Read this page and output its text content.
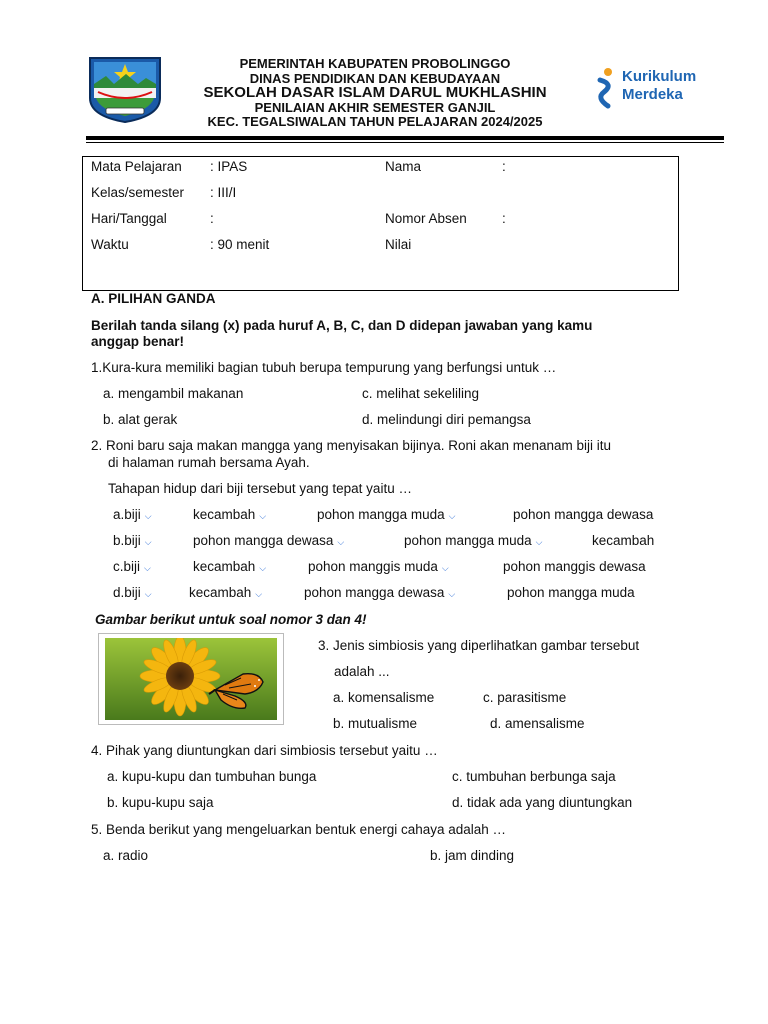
PEMERINTAH KABUPATEN PROBOLINGGO
DINAS PENDIDIKAN DAN KEBUDAYAAN
SEKOLAH DASAR ISLAM DARUL MUKHLASHIN
PENILAIAN AKHIR SEMESTER GANJIL
KEC. TEGALSIWALAN TAHUN PELAJARAN 2024/2025
Kurikulum
Merdeka
Mata Pelajaran : IPAS	Nama	:
Kelas/semester : III/I
Hari/Tanggal	:	Nomor Absen	:
Waktu	: 90 menit	Nilai
A. PILIHAN GANDA
Berilah tanda silang (x) pada huruf A, B, C, dan D didepan jawaban yang kamu
anggap benar!
1.Kura-kura memiliki bagian tubuh berupa tempurung yang berfungsi untuk …
a. mengambil makanan	c. melihat sekeliling
b. alat gerak	d. melindungi diri pemangsa
2. Roni baru saja makan mangga yang menyisakan bijinya. Roni akan menanam biji itu
di halaman rumah bersama Ayah.
Tahapan hidup dari biji tersebut yang tepat yaitu …
a.biji ⌵	kecambah ⌵	pohon mangga muda ⌵	pohon mangga dewasa
b.biji ⌵	pohon mangga dewasa ⌵	pohon mangga muda ⌵	kecambah
c.biji ⌵	kecambah ⌵	pohon manggis muda ⌵	pohon manggis dewasa
d.biji ⌵	kecambah ⌵	pohon mangga dewasa ⌵	pohon mangga muda
Gambar berikut untuk soal nomor 3 dan 4!
3. Jenis simbiosis yang diperlihatkan gambar tersebut
adalah ...
a. komensalisme	c. parasitisme
b. mutualisme	d. amensalisme
4. Pihak yang diuntungkan dari simbiosis tersebut yaitu …
a. kupu-kupu dan tumbuhan bunga	c. tumbuhan berbunga saja
b. kupu-kupu saja	d. tidak ada yang diuntungkan
5. Benda berikut yang mengeluarkan bentuk energi cahaya adalah …
a. radio	b. jam dinding
